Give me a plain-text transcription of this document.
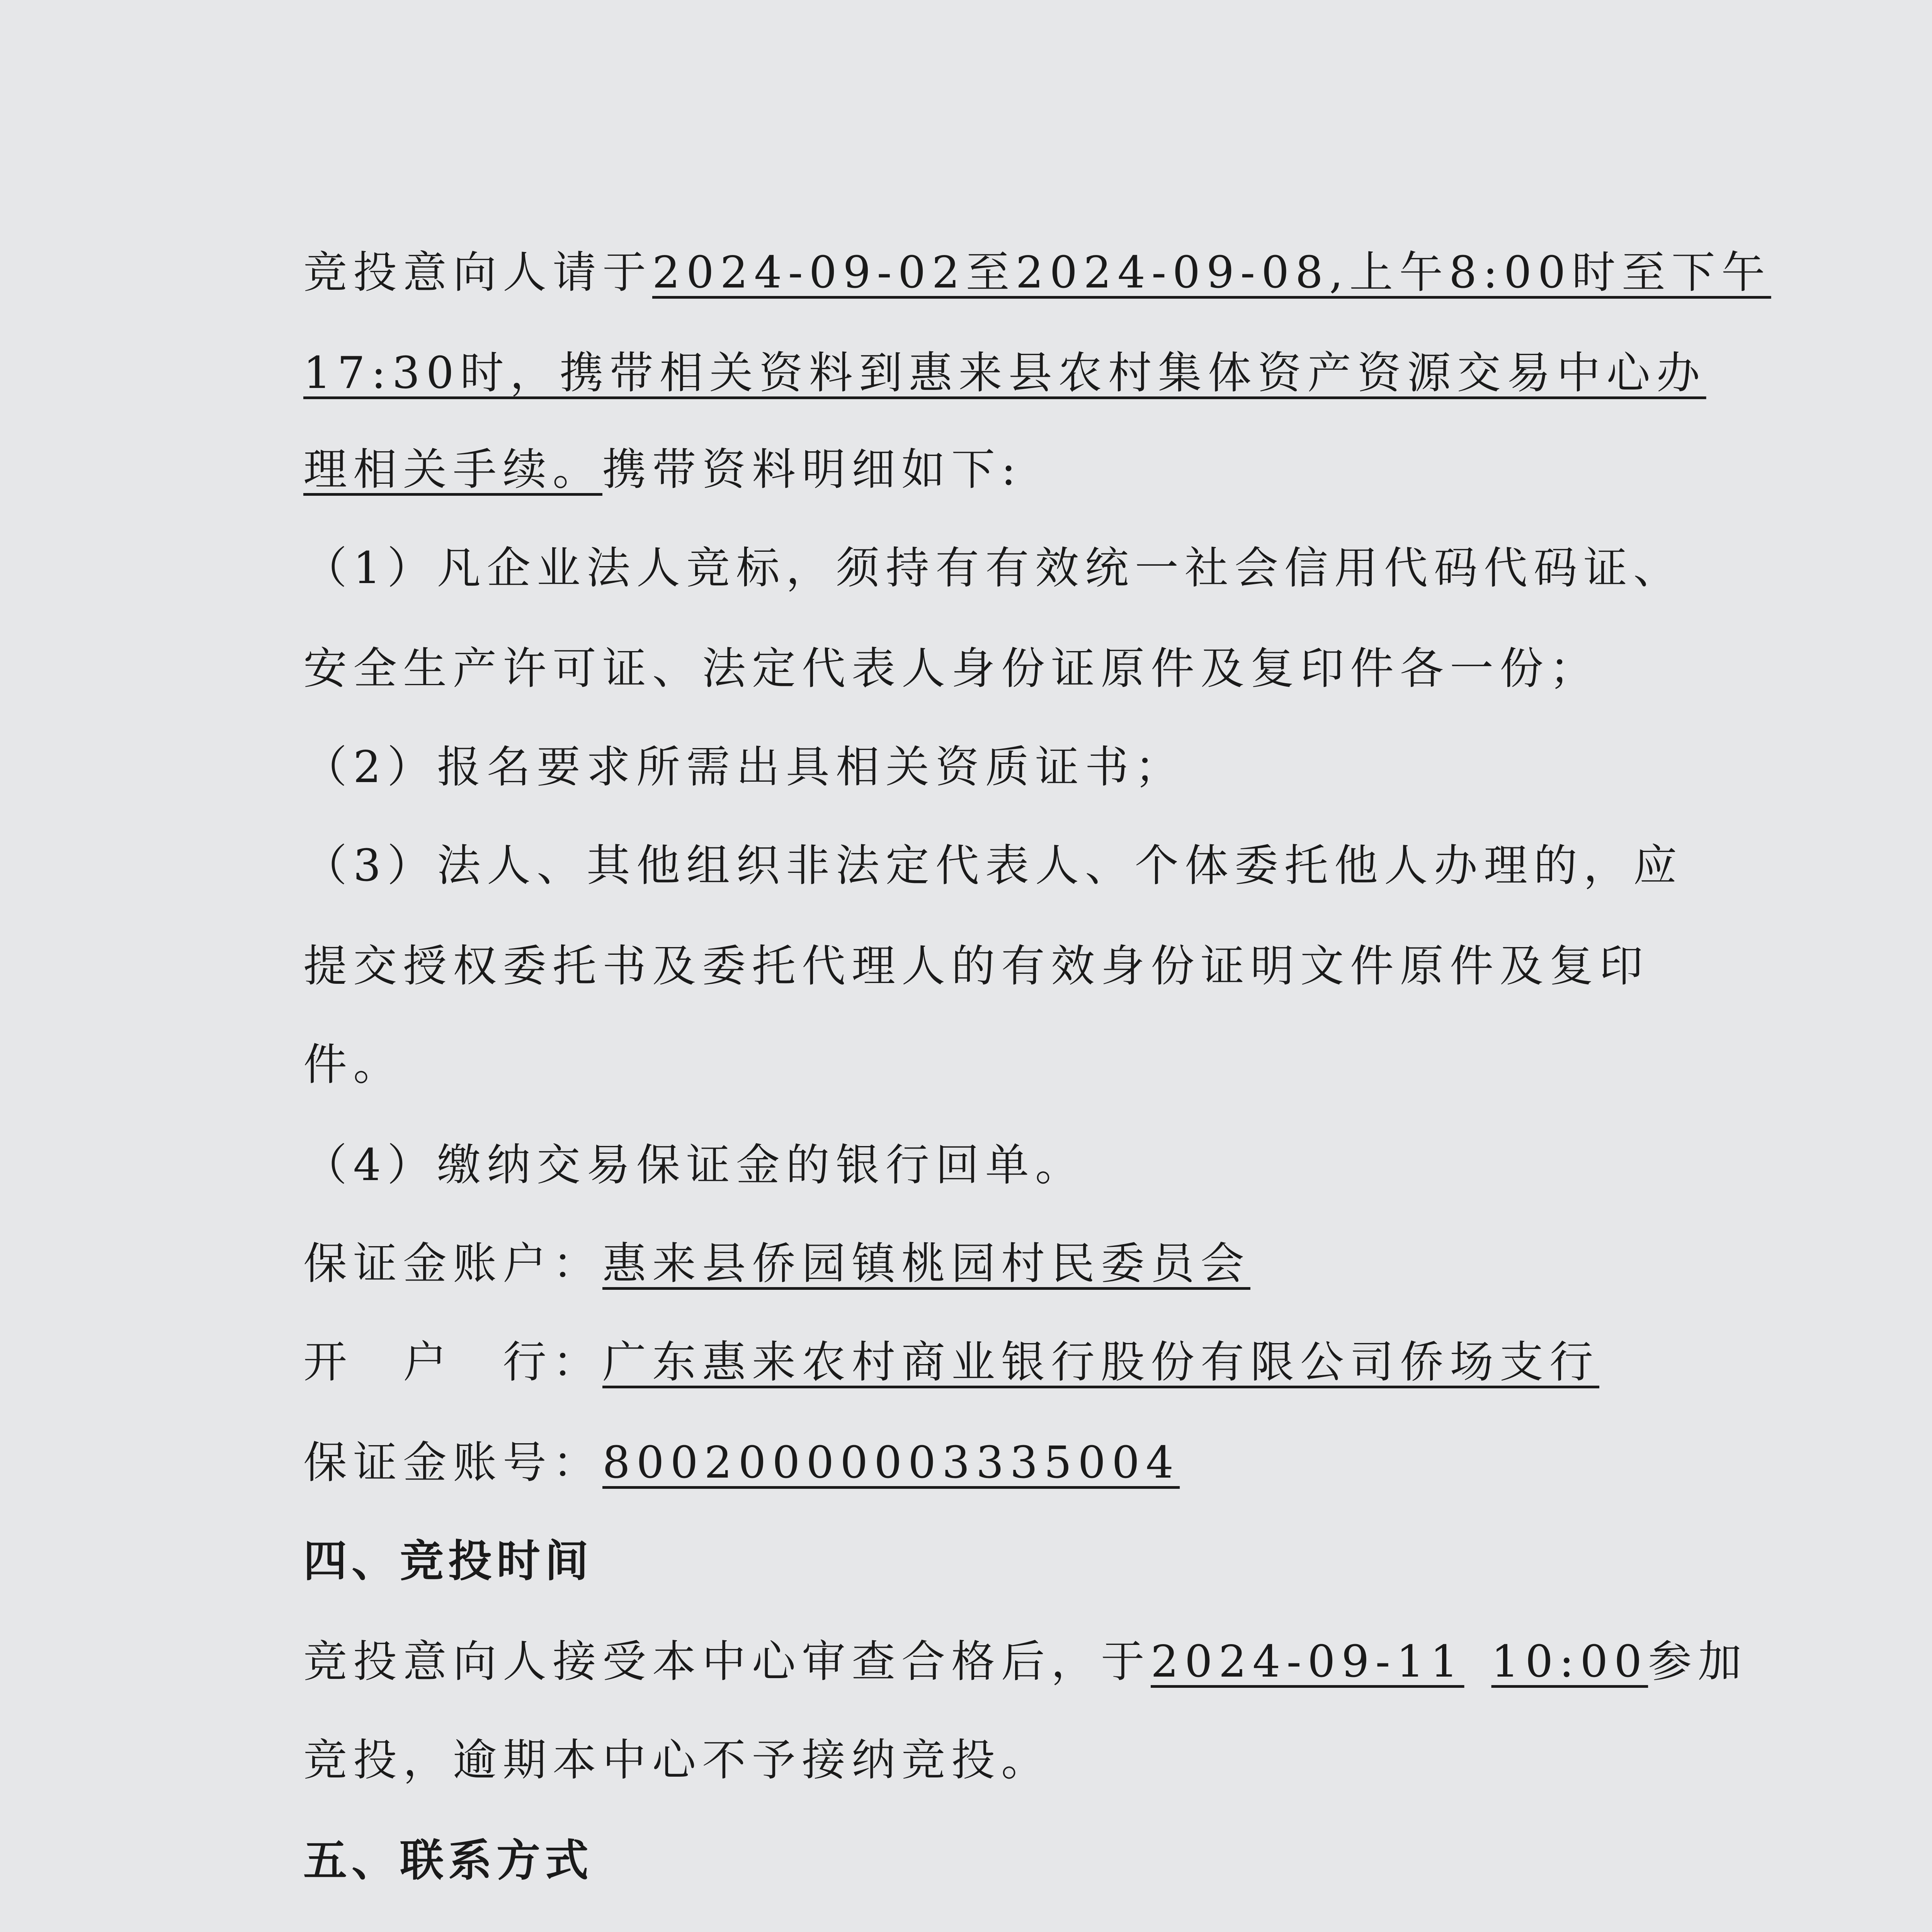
竞投意向人请于2024-09-02至2024-09-08,上午8:00时至下午
17:30时，携带相关资料到惠来县农村集体资产资源交易中心办
理相关手续。携带资料明细如下:
（1）凡企业法人竞标，须持有有效统一社会信用代码代码证、
安全生产许可证、法定代表人身份证原件及复印件各一份；
（2）报名要求所需出具相关资质证书；
（3）法人、其他组织非法定代表人、个体委托他人办理的，应
提交授权委托书及委托代理人的有效身份证明文件原件及复印
件。
（4）缴纳交易保证金的银行回单。
保证金账户：惠来县侨园镇桃园村民委员会
开　户　行：广东惠来农村商业银行股份有限公司侨场支行
保证金账号：80020000003335004
四、竞投时间
竞投意向人接受本中心审查合格后，于2024-09-11 10:00参加
竞投，逾期本中心不予接纳竞投。
五、联系方式
